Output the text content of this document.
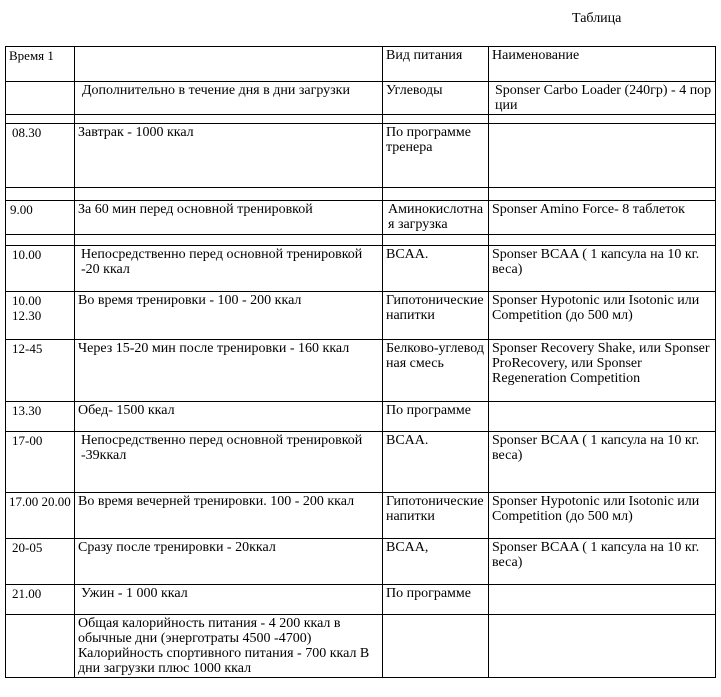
Таблица
Время 1		Вид питания	Наименование

	Дополнительно в течение дня в дни загрузки	Углеводы	Sponser Carbo Loader (240гр) - 4 порции

08.30	Завтрак - 1000 ккал	По программе тренера	

9.00	За 60 мин перед основной тренировкой	Аминокислотная загрузка	Sponser Amino Force- 8 таблеток

10.00	Непосредственно перед основной тренировкой -20 ккал	BCAA.	Sponser BCAA ( 1 капсула на 10 кг. веса)
10.00 12.30	Во время тренировки - 100 - 200 ккал	Гипотонические напитки	Sponser Hypotonic или Isotonic или Competition (до 500 мл)
12-45	Через 15-20 мин после тренировки - 160 ккал	Белково-углеводная смесь	Sponser Recovery Shake, или Sponser ProRecovery, или Sponser Regeneration Competition
13.30	Обед- 1500 ккал	По программе	
17-00	Непосредственно перед основной тренировкой -39ккал	BCAA.	Sponser BCAA ( 1 капсула на 10 кг. веса)
17.00 20.00	Во время вечерней тренировки. 100 - 200 ккал	Гипотонические напитки	Sponser Hypotonic или Isotonic или Competition (до 500 мл)
20-05	Сразу после тренировки - 20ккал	BCAA,	Sponser BCAA ( 1 капсула на 10 кг. веса)
21.00	Ужин - 1 000 ккал	По программе	
	Общая калорийность питания - 4 200 ккал в обычные дни (энерготраты 4500 -4700) Калорийность спортивного питания - 700 ккал В дни загрузки плюс 1000 ккал		
